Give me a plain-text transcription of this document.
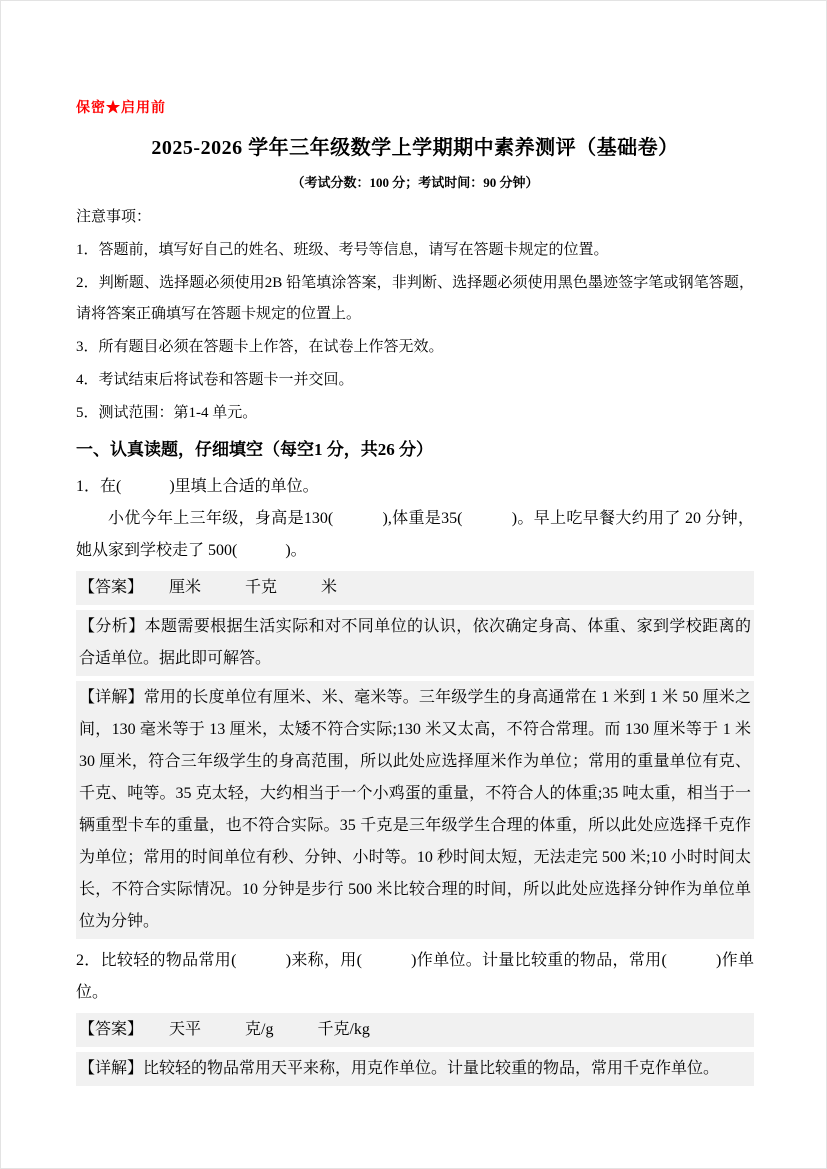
保密★启用前
2025-2026 学年三年级数学上学期期中素养测评（基础卷）
（考试分数：100 分；考试时间：90 分钟）
注意事项：
1．答题前，填写好自己的姓名、班级、考号等信息，请写在答题卡规定的位置。
2．判断题、选择题必须使用2B 铅笔填涂答案，非判断、选择题必须使用黑色墨迹签字笔或钢笔答题，请将答案正确填写在答题卡规定的位置上。
3．所有题目必须在答题卡上作答，在试卷上作答无效。
4．考试结束后将试卷和答题卡一并交回。
5．测试范围：第1-4 单元。
一、认真读题，仔细填空（每空1 分，共26 分）
1．在(　　　)里填上合适的单位。
小优今年上三年级，身高是130(　　　),体重是35(　　　)。早上吃早餐大约用了 20 分钟，她从家到学校走了 500(　　　)。
【答案】 厘米	千克	米
【分析】本题需要根据生活实际和对不同单位的认识，依次确定身高、体重、家到学校距离的合适单位。据此即可解答。
【详解】常用的长度单位有厘米、米、毫米等。三年级学生的身高通常在 1 米到 1 米 50 厘米之间，130 毫米等于 13 厘米，太矮不符合实际;130 米又太高，不符合常理。而 130 厘米等于 1 米 30 厘米，符合三年级学生的身高范围，所以此处应选择厘米作为单位；常用的重量单位有克、千克、吨等。35 克太轻，大约相当于一个小鸡蛋的重量，不符合人的体重;35 吨太重，相当于一辆重型卡车的重量，也不符合实际。35 千克是三年级学生合理的体重，所以此处应选择千克作为单位；常用的时间单位有秒、分钟、小时等。10 秒时间太短，无法走完 500 米;10 小时时间太长，不符合实际情况。10 分钟是步行 500 米比较合理的时间，所以此处应选择分钟作为单位单位为分钟。
2．比较轻的物品常用(　　　)来称，用(　　　)作单位。计量比较重的物品，常用(　　　)作单位。
【答案】 天平	克/g	千克/kg
【详解】比较轻的物品常用天平来称，用克作单位。计量比较重的物品，常用千克作单位。
